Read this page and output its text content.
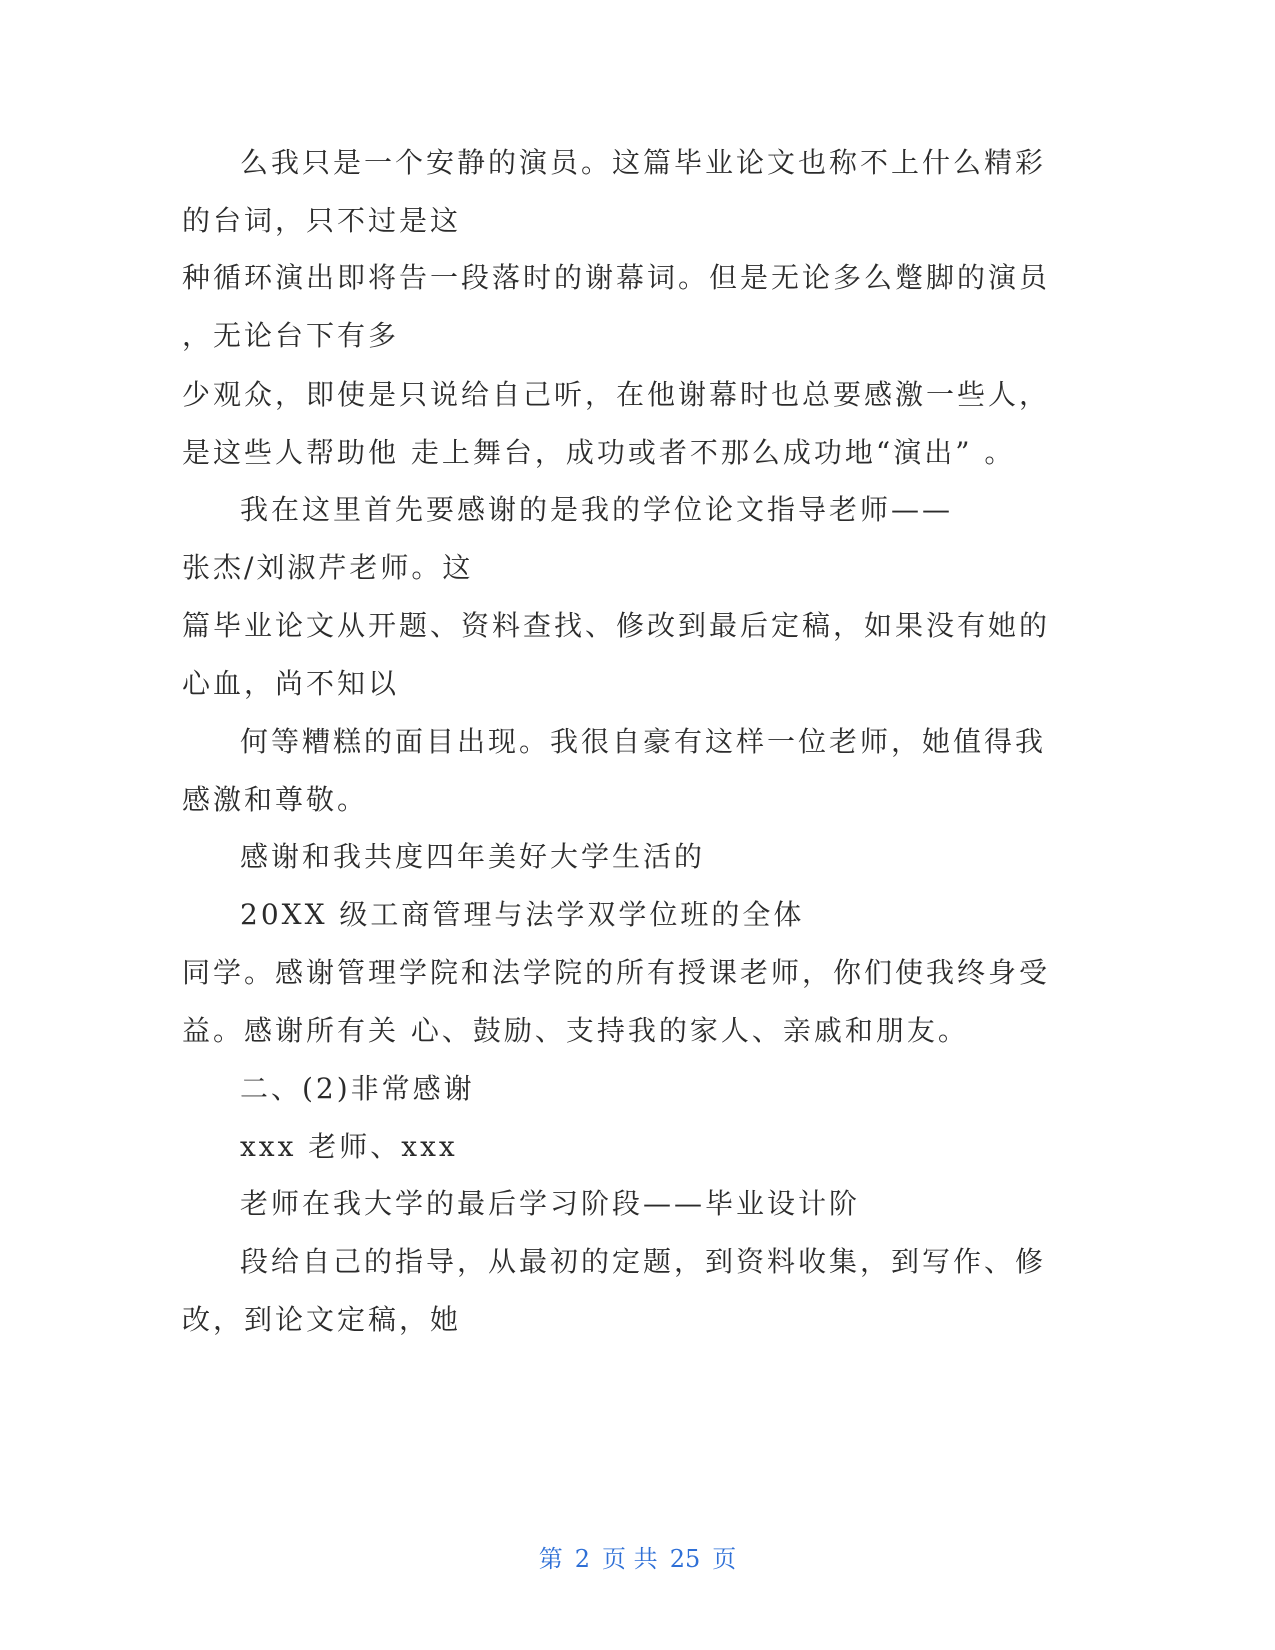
么我只是一个安静的演员。这篇毕业论文也称不上什么精彩
的台词，只不过是这
种循环演出即将告一段落时的谢幕词。但是无论多么蹩脚的演员
，无论台下有多
少观众，即使是只说给自己听，在他谢幕时也总要感激一些人，
是这些人帮助他 走上舞台，成功或者不那么成功地“演出” 。
我在这里首先要感谢的是我的学位论文指导老师——
张杰/刘淑芹老师。这
篇毕业论文从开题、资料查找、修改到最后定稿，如果没有她的
心血，尚不知以
何等糟糕的面目出现。我很自豪有这样一位老师，她值得我
感激和尊敬。
感谢和我共度四年美好大学生活的
20XX 级工商管理与法学双学位班的全体
同学。感谢管理学院和法学院的所有授课老师，你们使我终身受
益。感谢所有关 心、鼓励、支持我的家人、亲戚和朋友。
二、(2)非常感谢
xxx 老师、xxx
老师在我大学的最后学习阶段——毕业设计阶
段给自己的指导，从最初的定题，到资料收集，到写作、修
改，到论文定稿，她
第 2 页 共 25 页
